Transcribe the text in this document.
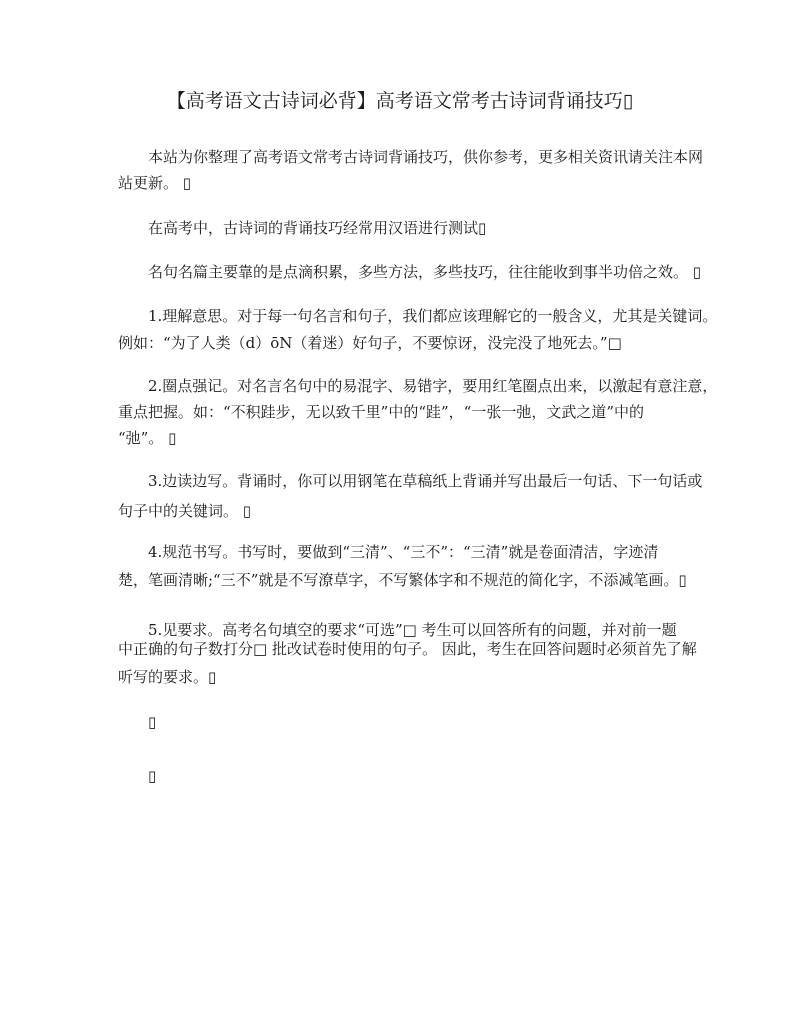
【高考语文古诗词必背】高考语文常考古诗词背诵技巧▯
本站为你整理了高考语文常考古诗词背诵技巧，供你参考，更多相关资讯请关注本网
站更新。 ▯
在高考中，古诗词的背诵技巧经常用汉语进行测试▯
名句名篇主要靠的是点滴积累，多些方法，多些技巧，往往能收到事半功倍之效。 ▯
1.理解意思。对于每一句名言和句子，我们都应该理解它的一般含义，尤其是关键词。
例如：“为了人类（d）ōN（着迷）好句子，不要惊讶，没完没了地死去。”□
2.圈点强记。对名言名句中的易混字、易错字，要用红笔圈点出来，以激起有意注意，
重点把握。如：“不积跬步，无以致千里”中的“跬”，“一张一弛，文武之道”中的
“弛”。 ▯
3.边读边写。背诵时，你可以用钢笔在草稿纸上背诵并写出最后一句话、下一句话或
句子中的关键词。 ▯
4.规范书写。书写时，要做到“三清”、“三不”：“三清”就是卷面清洁，字迹清
楚，笔画清晰;“三不”就是不写潦草字，不写繁体字和不规范的简化字，不添减笔画。▯
5.见要求。高考名句填空的要求“可选”□ 考生可以回答所有的问题，并对前一题
中正确的句子数打分□ 批改试卷时使用的句子。 因此，考生在回答问题时必须首先了解
听写的要求。▯
▯
▯
